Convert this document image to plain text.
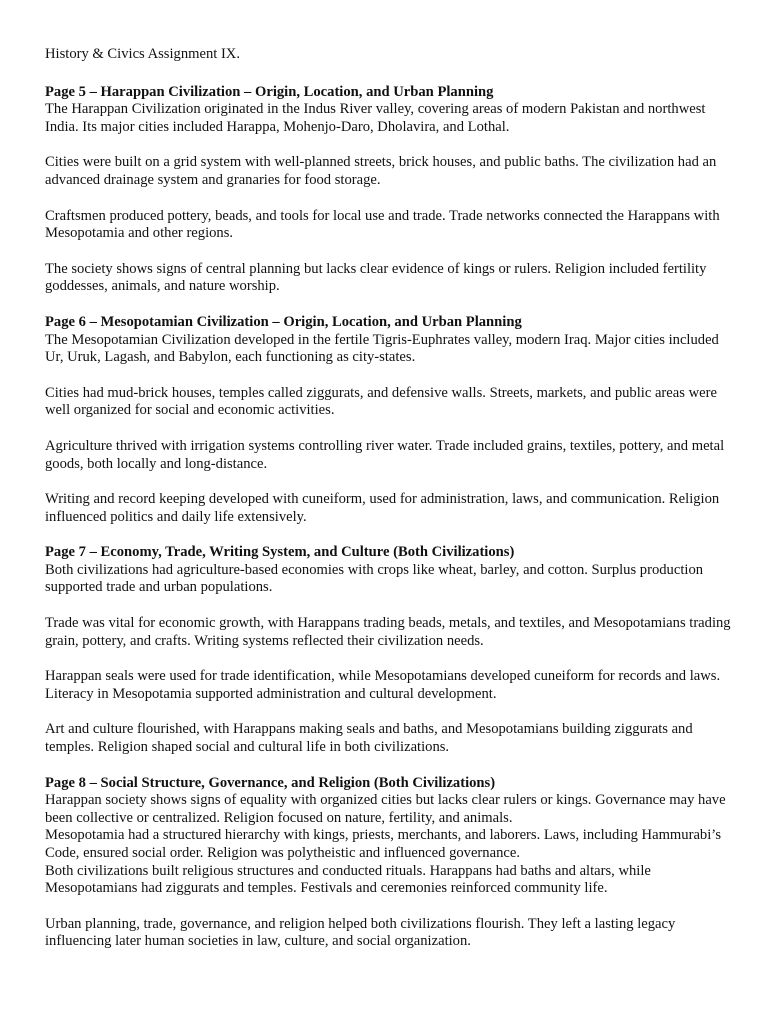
History & Civics Assignment IX.

Page 5 – Harappan Civilization – Origin, Location, and Urban Planning

The Harappan Civilization originated in the Indus River valley, covering areas of modern Pakistan and northwest India. Its major cities included Harappa, Mohenjo-Daro, Dholavira, and Lothal.

Cities were built on a grid system with well-planned streets, brick houses, and public baths. The civilization had an advanced drainage system and granaries for food storage.

Craftsmen produced pottery, beads, and tools for local use and trade. Trade networks connected the Harappans with Mesopotamia and other regions.

The society shows signs of central planning but lacks clear evidence of kings or rulers. Religion included fertility goddesses, animals, and nature worship.

Page 6 – Mesopotamian Civilization – Origin, Location, and Urban Planning

The Mesopotamian Civilization developed in the fertile Tigris-Euphrates valley, modern Iraq. Major cities included Ur, Uruk, Lagash, and Babylon, each functioning as city-states.

Cities had mud-brick houses, temples called ziggurats, and defensive walls. Streets, markets, and public areas were well organized for social and economic activities.

Agriculture thrived with irrigation systems controlling river water. Trade included grains, textiles, pottery, and metal goods, both locally and long-distance.

Writing and record keeping developed with cuneiform, used for administration, laws, and communication. Religion influenced politics and daily life extensively.

Page 7 – Economy, Trade, Writing System, and Culture (Both Civilizations)

Both civilizations had agriculture-based economies with crops like wheat, barley, and cotton. Surplus production supported trade and urban populations.

Trade was vital for economic growth, with Harappans trading beads, metals, and textiles, and Mesopotamians trading grain, pottery, and crafts. Writing systems reflected their civilization needs.

Harappan seals were used for trade identification, while Mesopotamians developed cuneiform for records and laws. Literacy in Mesopotamia supported administration and cultural development.

Art and culture flourished, with Harappans making seals and baths, and Mesopotamians building ziggurats and temples. Religion shaped social and cultural life in both civilizations.

Page 8 – Social Structure, Governance, and Religion (Both Civilizations)

Harappan society shows signs of equality with organized cities but lacks clear rulers or kings. Governance may have been collective or centralized. Religion focused on nature, fertility, and animals.

Mesopotamia had a structured hierarchy with kings, priests, merchants, and laborers. Laws, including Hammurabi’s Code, ensured social order. Religion was polytheistic and influenced governance.

Both civilizations built religious structures and conducted rituals. Harappans had baths and altars, while Mesopotamians had ziggurats and temples. Festivals and ceremonies reinforced community life.

Urban planning, trade, governance, and religion helped both civilizations flourish. They left a lasting legacy influencing later human societies in law, culture, and social organization.
